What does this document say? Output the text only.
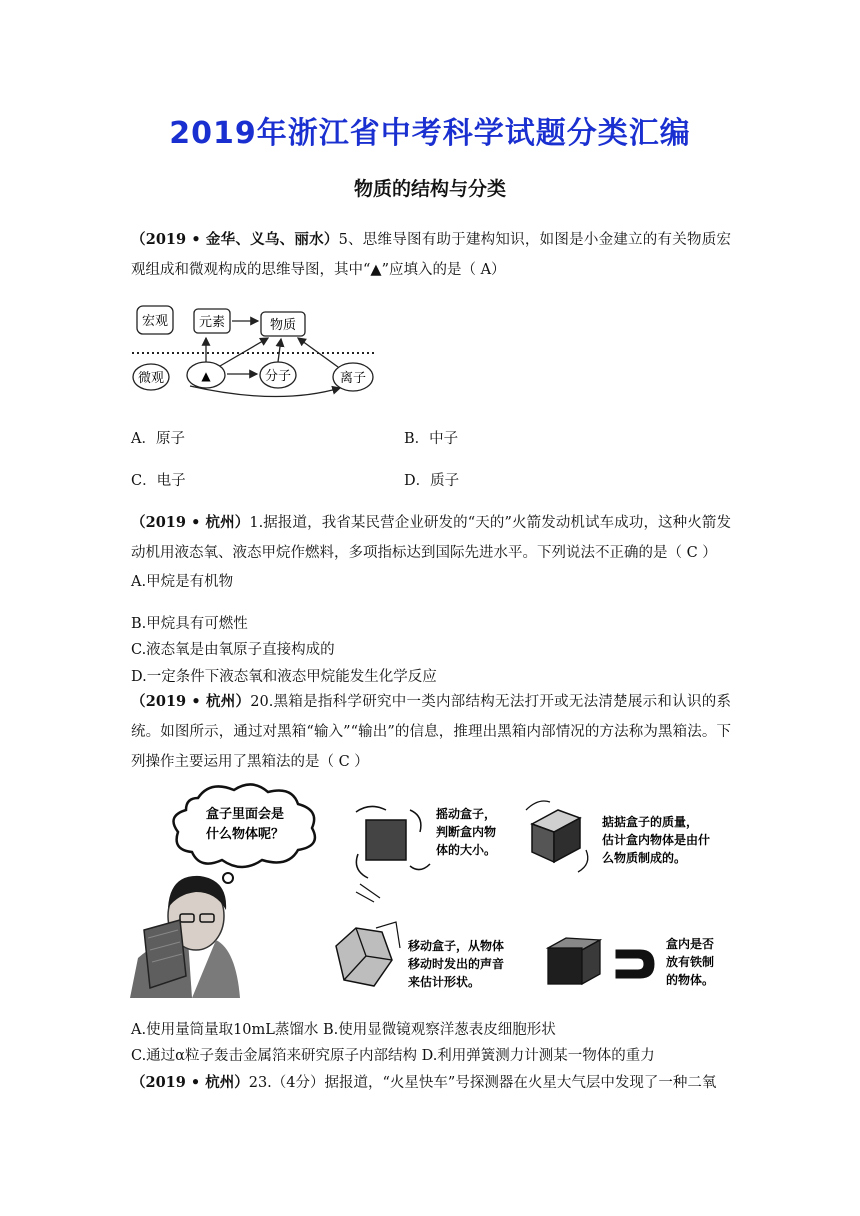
2019年浙江省中考科学试题分类汇编
物质的结构与分类
（2019 • 金华、义乌、丽水）5、思维导图有助于建构知识，如图是小金建立的有关物质宏观组成和微观构成的思维导图，其中“▲”应填入的是（ A）
宏观 元素	物质
微观	▲	分子	离子
A．原子	B．中子
C．电子	D．质子
（2019 • 杭州）1.据报道，我省某民营企业研发的“天的”火箭发动机试车成功，这种火箭发动机用液态氧、液态甲烷作燃料，多项指标达到国际先进水平。下列说法不正确的是（ C ）
B.甲烷具有可燃性
C.液态氧是由氧原子直接构成的
D.一定条件下液态氧和液态甲烷能发生化学反应
（2019 • 杭州）20.黑箱是指科学研究中一类内部结构无法打开或无法清楚展示和认识的系统。如图所示，通过对黑箱“输入”“输出”的信息，推理出黑箱内部情况的方法称为黑箱法。下列操作主要运用了黑箱法的是（ C ）
盒子里面会是
什么物体呢？
摇动盒子，
判断盒内物
体的大小。
掂掂盒子的质量，
估计盒内物体是由什
么物质制成的。
移动盒子，从物体
移动时发出的声音
来估计形状。
盒内是否
放有铁制
的物体。
A.使用量筒量取10mL蒸馏水 B.使用显微镜观察洋葱表皮细胞形状
C.通过α粒子轰击金属箔来研究原子内部结构 D.利用弹簧测力计测某一物体的重力
（2019 • 杭州）23.（4分）据报道，“火星快车”号探测器在火星大气层中发现了一种二氧
A.甲烷是有机物
